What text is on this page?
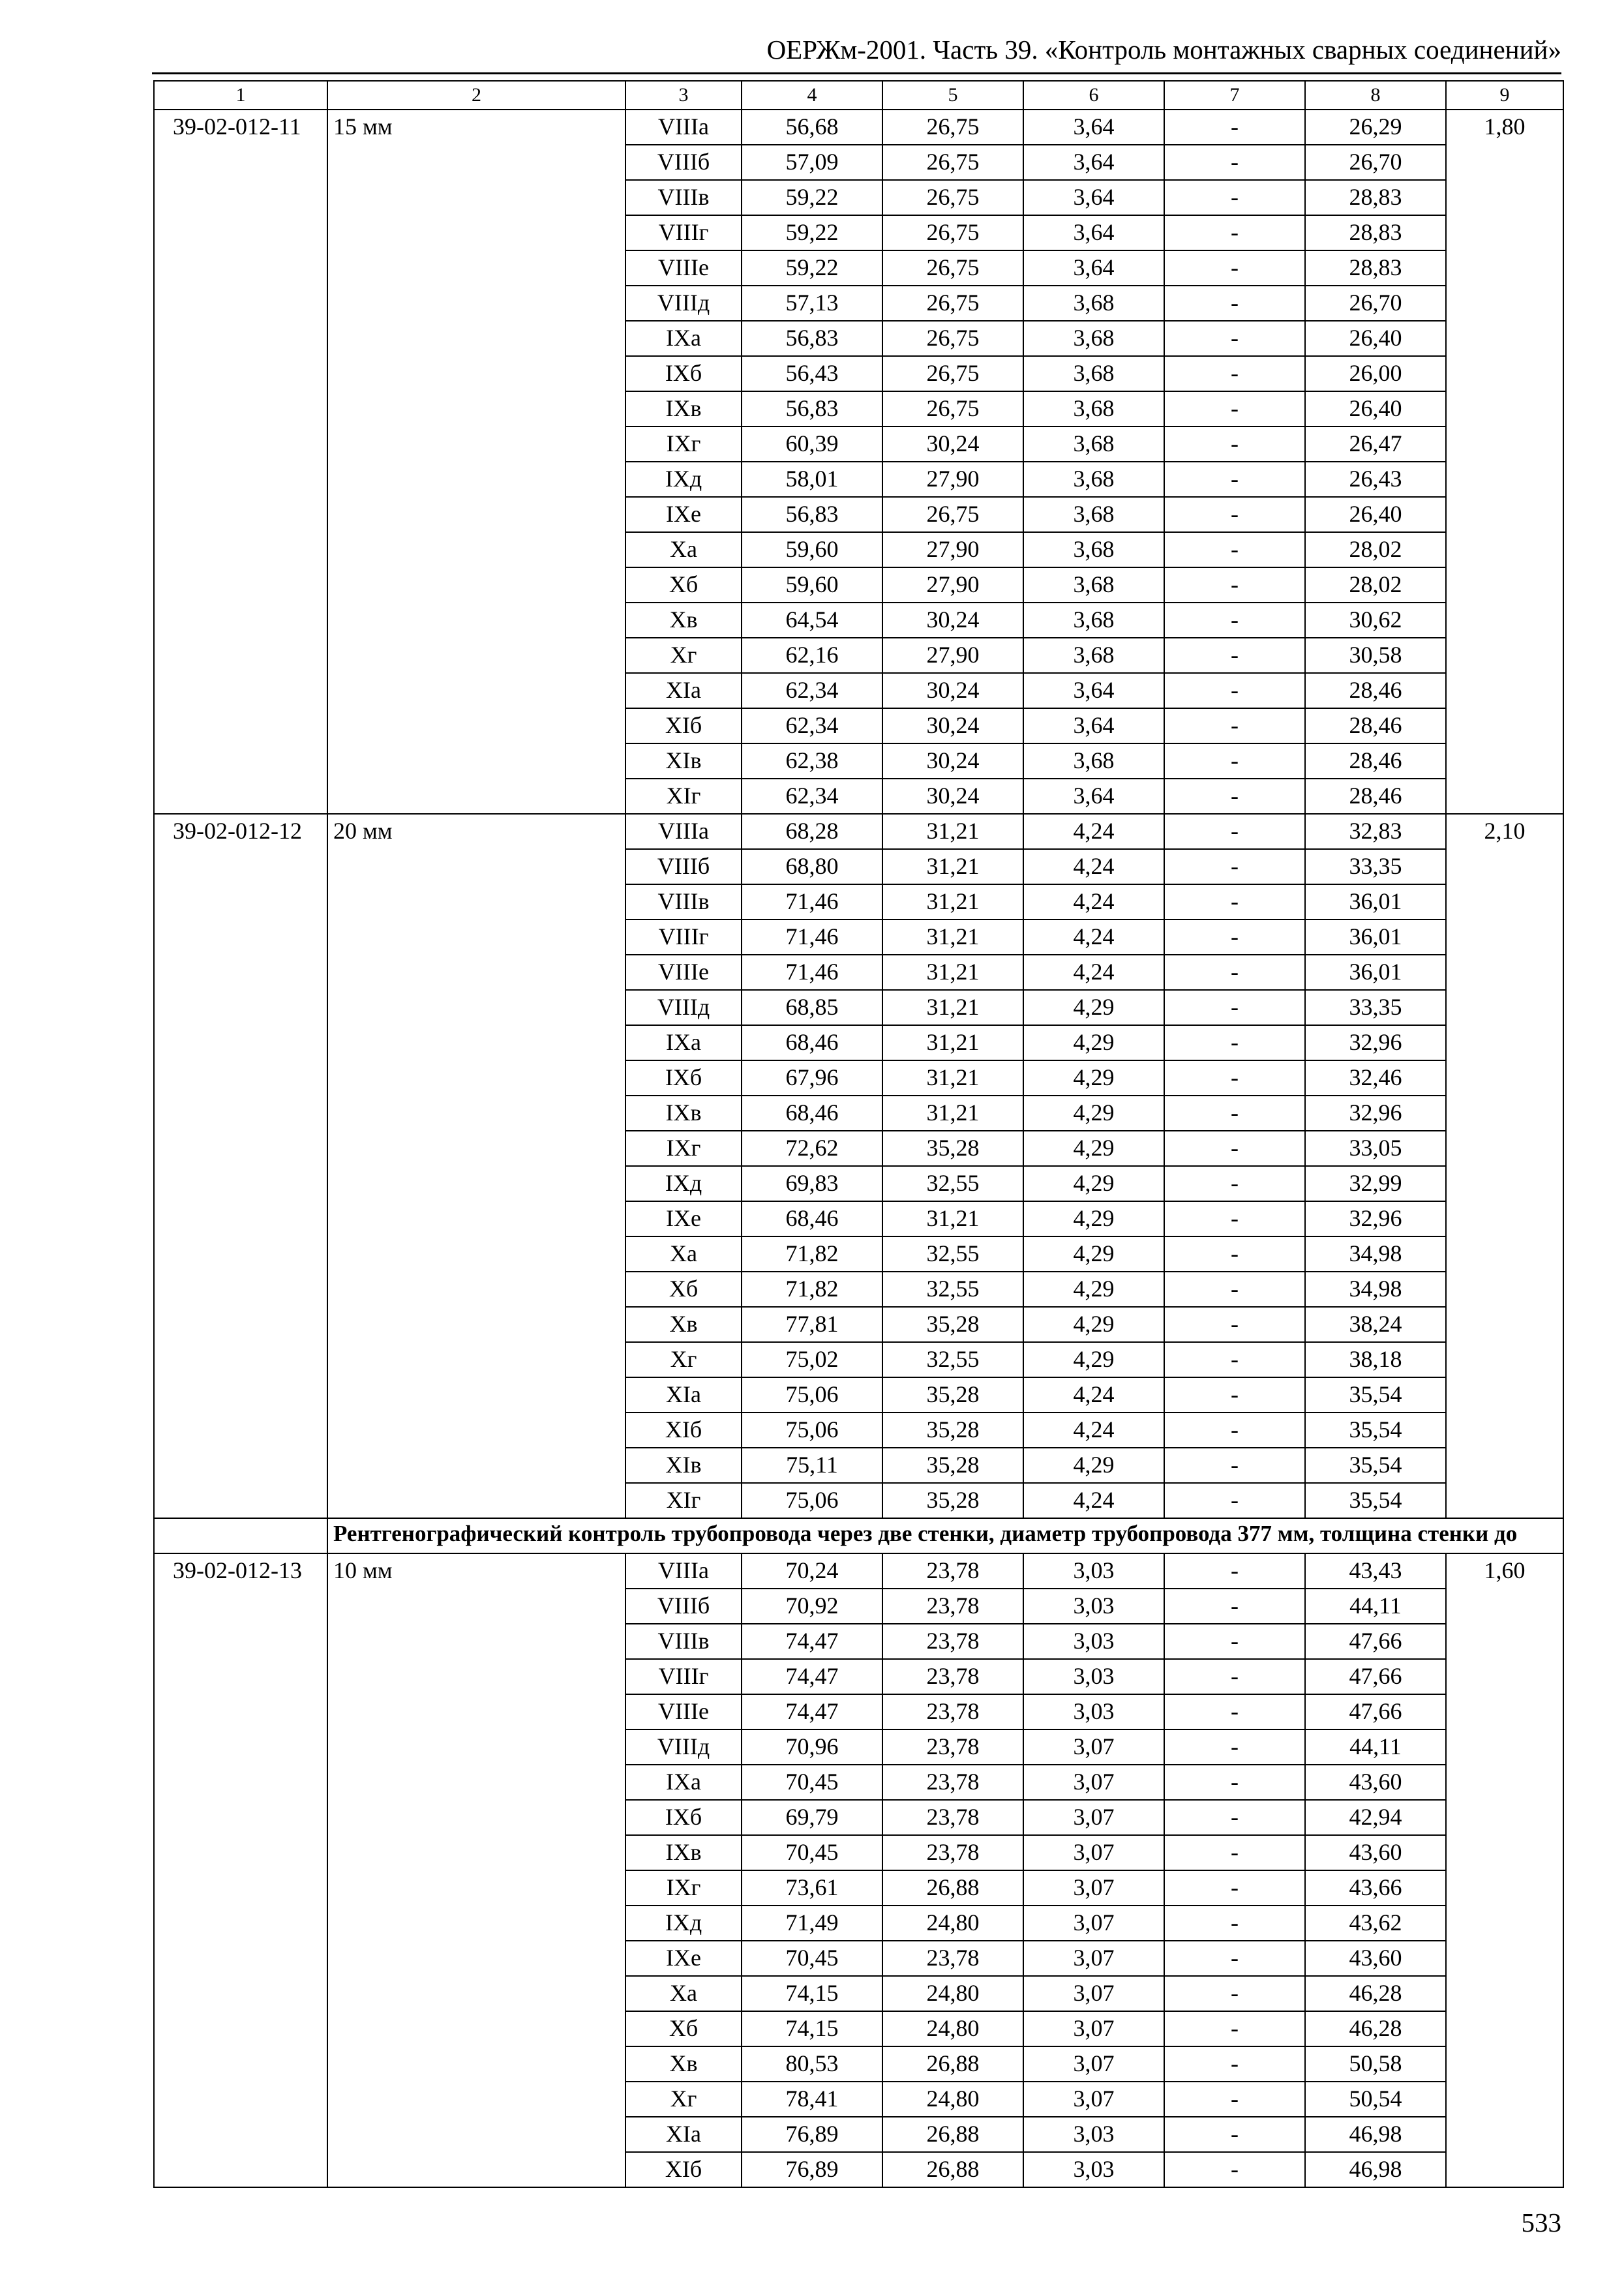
ОЕРЖм-2001. Часть 39. «Контроль монтажных сварных соединений»
1	2	3	4	5	6	7	8	9
39-02-012-11	15 мм	VIIIа	56,68	26,75	3,64	-	26,29	1,80
		VIIIб	57,09	26,75	3,64	-	26,70	
		VIIIв	59,22	26,75	3,64	-	28,83	
		VIIIг	59,22	26,75	3,64	-	28,83	
		VIIIе	59,22	26,75	3,64	-	28,83	
		VIIIд	57,13	26,75	3,68	-	26,70	
		IXа	56,83	26,75	3,68	-	26,40	
		IXб	56,43	26,75	3,68	-	26,00	
		IXв	56,83	26,75	3,68	-	26,40	
		IXг	60,39	30,24	3,68	-	26,47	
		IXд	58,01	27,90	3,68	-	26,43	
		IXе	56,83	26,75	3,68	-	26,40	
		Xа	59,60	27,90	3,68	-	28,02	
		Xб	59,60	27,90	3,68	-	28,02	
		Xв	64,54	30,24	3,68	-	30,62	
		Xг	62,16	27,90	3,68	-	30,58	
		XIа	62,34	30,24	3,64	-	28,46	
		XIб	62,34	30,24	3,64	-	28,46	
		XIв	62,38	30,24	3,68	-	28,46	
		XIг	62,34	30,24	3,64	-	28,46	
39-02-012-12	20 мм	VIIIа	68,28	31,21	4,24	-	32,83	2,10
		VIIIб	68,80	31,21	4,24	-	33,35	
		VIIIв	71,46	31,21	4,24	-	36,01	
		VIIIг	71,46	31,21	4,24	-	36,01	
		VIIIе	71,46	31,21	4,24	-	36,01	
		VIIIд	68,85	31,21	4,29	-	33,35	
		IXа	68,46	31,21	4,29	-	32,96	
		IXб	67,96	31,21	4,29	-	32,46	
		IXв	68,46	31,21	4,29	-	32,96	
		IXг	72,62	35,28	4,29	-	33,05	
		IXд	69,83	32,55	4,29	-	32,99	
		IXе	68,46	31,21	4,29	-	32,96	
		Xа	71,82	32,55	4,29	-	34,98	
		Xб	71,82	32,55	4,29	-	34,98	
		Xв	77,81	35,28	4,29	-	38,24	
		Xг	75,02	32,55	4,29	-	38,18	
		XIа	75,06	35,28	4,24	-	35,54	
		XIб	75,06	35,28	4,24	-	35,54	
		XIв	75,11	35,28	4,29	-	35,54	
		XIг	75,06	35,28	4,24	-	35,54	
	Рентгенографический контроль трубопровода через две стенки, диаметр трубопровода 377 мм, толщина стенки до							
39-02-012-13	10 мм	VIIIа	70,24	23,78	3,03	-	43,43	1,60
		VIIIб	70,92	23,78	3,03	-	44,11	
		VIIIв	74,47	23,78	3,03	-	47,66	
		VIIIг	74,47	23,78	3,03	-	47,66	
		VIIIе	74,47	23,78	3,03	-	47,66	
		VIIIд	70,96	23,78	3,07	-	44,11	
		IXа	70,45	23,78	3,07	-	43,60	
		IXб	69,79	23,78	3,07	-	42,94	
		IXв	70,45	23,78	3,07	-	43,60	
		IXг	73,61	26,88	3,07	-	43,66	
		IXд	71,49	24,80	3,07	-	43,62	
		IXе	70,45	23,78	3,07	-	43,60	
		Xа	74,15	24,80	3,07	-	46,28	
		Xб	74,15	24,80	3,07	-	46,28	
		Xв	80,53	26,88	3,07	-	50,58	
		Xг	78,41	24,80	3,07	-	50,54	
		XIа	76,89	26,88	3,03	-	46,98	
		XIб	76,89	26,88	3,03	-	46,98	
533
